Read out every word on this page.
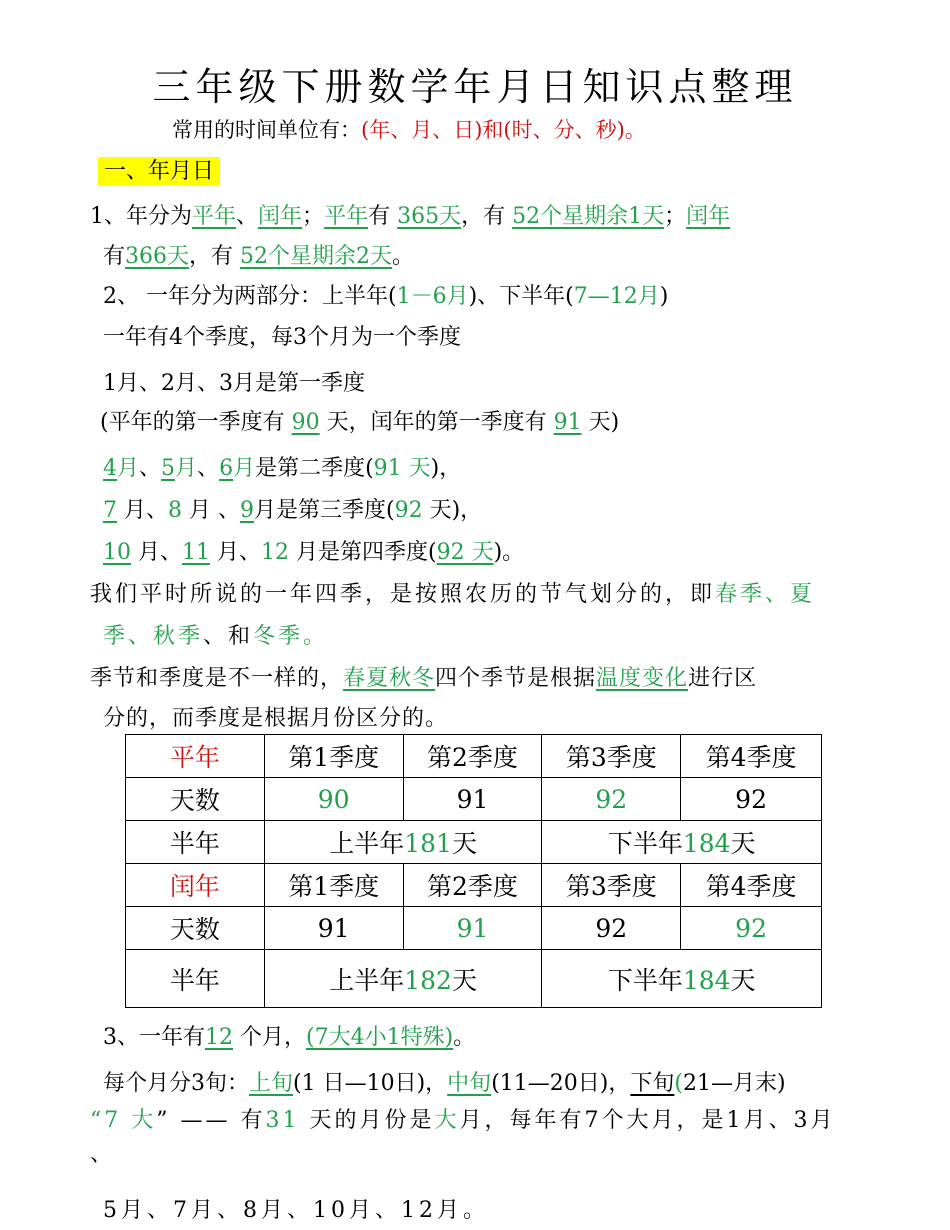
三年级下册数学年月日知识点整理
常用的时间单位有：(年、月、日)和(时、分、秒)。
一、年月日
1、年分为平年、闰年；平年有 365天，有 52个星期余1天；闰年
有366天，有 52个星期余2天。
2、 一年分为两部分：上半年(1－6月)、下半年(7—12月)
一年有4个季度，每3个月为一个季度
1月、2月、3月是第一季度
(平年的第一季度有 90 天，闰年的第一季度有 91 天)
4月、5月、6月是第二季度(91 天)，
7 月、8 月 、9月是第三季度(92 天)，
10 月、11 月、12 月是第四季度(92 天)。
我们平时所说的一年四季，是按照农历的节气划分的，即春季、夏
季、秋季、和冬季。
季节和季度是不一样的，春夏秋冬四个季节是根据温度变化进行区
分的，而季度是根据月份区分的。
平年	第1季度	第2季度	第3季度	第4季度
天数	90	91	92	92
半年	上半年181天		下半年184天	
闰年	第1季度	第2季度	第3季度	第4季度
天数	91	91	92	92
半年	上半年182天		下半年184天	
3、一年有12 个月，(7大4小1特殊)。
每个月分3旬：上旬(1 日—10日)，中旬(11—20日)，下旬(21—月末)
“7 大” —— 有31 天的月份是大月，每年有7个大月，是1月、3月
、
5月、7月、8月、10月、12月。
